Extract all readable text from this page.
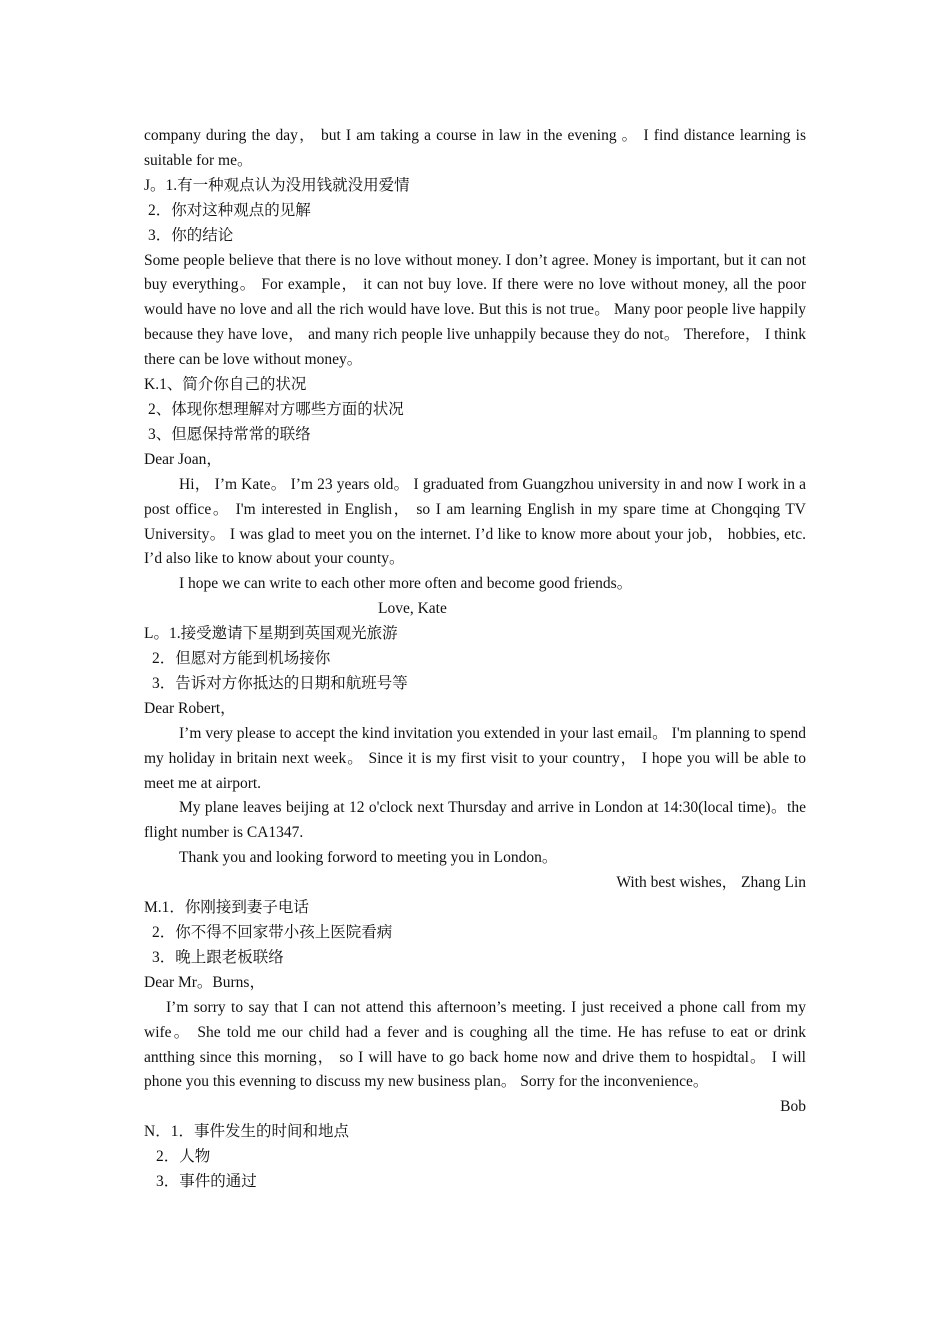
company during the day， but I am taking a course in law in the evening 。 I find distance learning is suitable for me。

J。1.有一种观点认为没用钱就没用爱情

2．你对这种观点的见解

3．你的结论

Some people believe that there is no love without money. I don’t agree. Money is important, but it can not buy everything。 For example， it can not buy love. If there were no love without money, all the poor would have no love and all the rich would have love. But this is not true。 Many poor people live happily because they have love， and many rich people live unhappily because they do not。 Therefore， I think there can be love without money。

K.1、简介你自己的状况

2、体现你想理解对方哪些方面的状况

3、但愿保持常常的联络

Dear Joan，

Hi， I’m Kate。 I’m 23 years old。 I graduated from Guangzhou university in and now I work in a post office。 I'm interested in English， so I am learning English in my spare time at Chongqing TV University。 I was glad to meet you on the internet. I’d like to know more about your job， hobbies, etc. I’d also like to know about your county。

I hope we can write to each other more often and become good friends。

Love, Kate

L。1.接受邀请下星期到英国观光旅游

2．但愿对方能到机场接你

3．告诉对方你抵达的日期和航班号等

Dear Robert，

I’m very please to accept the kind invitation you extended in your last email。 I'm planning to spend my holiday in britain next week。 Since it is my first visit to your country， I hope you will be able to meet me at airport.

My plane leaves beijing at 12 o'clock next Thursday and arrive in London at 14:30(local time)。the flight number is CA1347.

Thank you and looking forword to meeting you in London。

With best wishes， Zhang Lin

M.1．你刚接到妻子电话

2．你不得不回家带小孩上医院看病

3．晚上跟老板联络

Dear Mr。Burns，

I’m sorry to say that I can not attend this afternoon’s meeting. I just received a phone call from my wife。 She told me our child had a fever and is coughing all the time. He has refuse to eat or drink antthing since this morning， so I will have to go back home now and drive them to hospidtal。 I will phone you this evenning to discuss my new business plan。 Sorry for the inconvenience。

Bob

N．1．事件发生的时间和地点

2．人物

3．事件的通过
